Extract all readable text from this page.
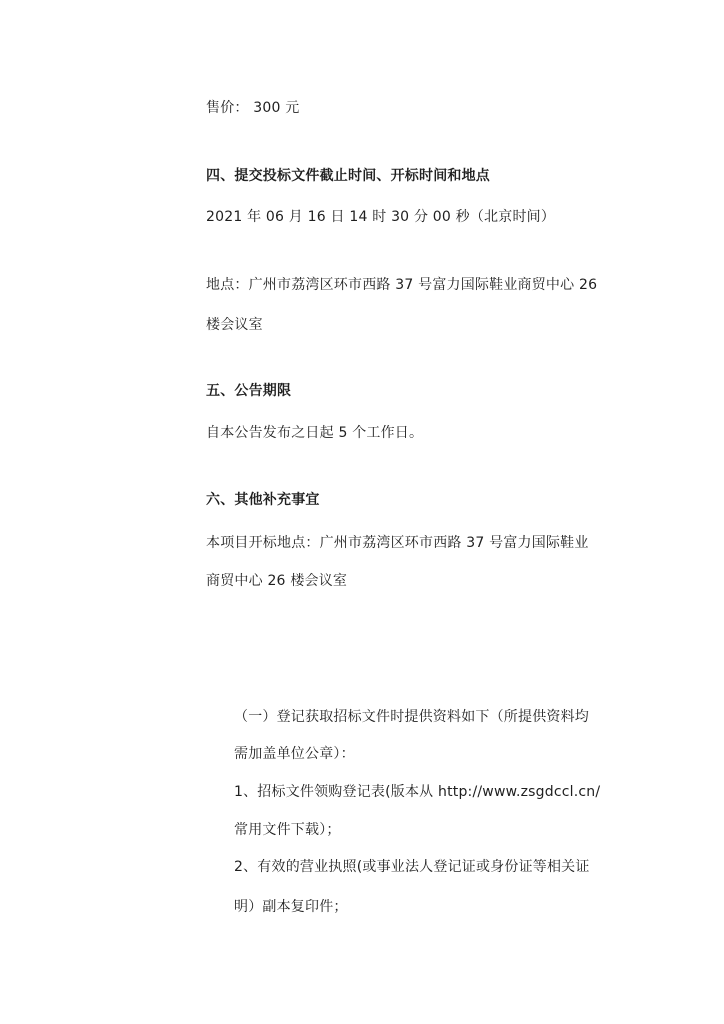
售价： 300 元
四、提交投标文件截止时间、开标时间和地点
2021 年 06 月 16 日 14 时 30 分 00 秒（北京时间）
地点：广州市荔湾区环市西路 37 号富力国际鞋业商贸中心 26
楼会议室
五、公告期限
自本公告发布之日起 5 个工作日。
六、其他补充事宜
本项目开标地点：广州市荔湾区环市西路 37 号富力国际鞋业
商贸中心 26 楼会议室
（一）登记获取招标文件时提供资料如下（所提供资料均
需加盖单位公章）：
1、招标文件领购登记表(版本从 http://www.zsgdccl.cn/
常用文件下载）；
2、有效的营业执照(或事业法人登记证或身份证等相关证
明）副本复印件；
